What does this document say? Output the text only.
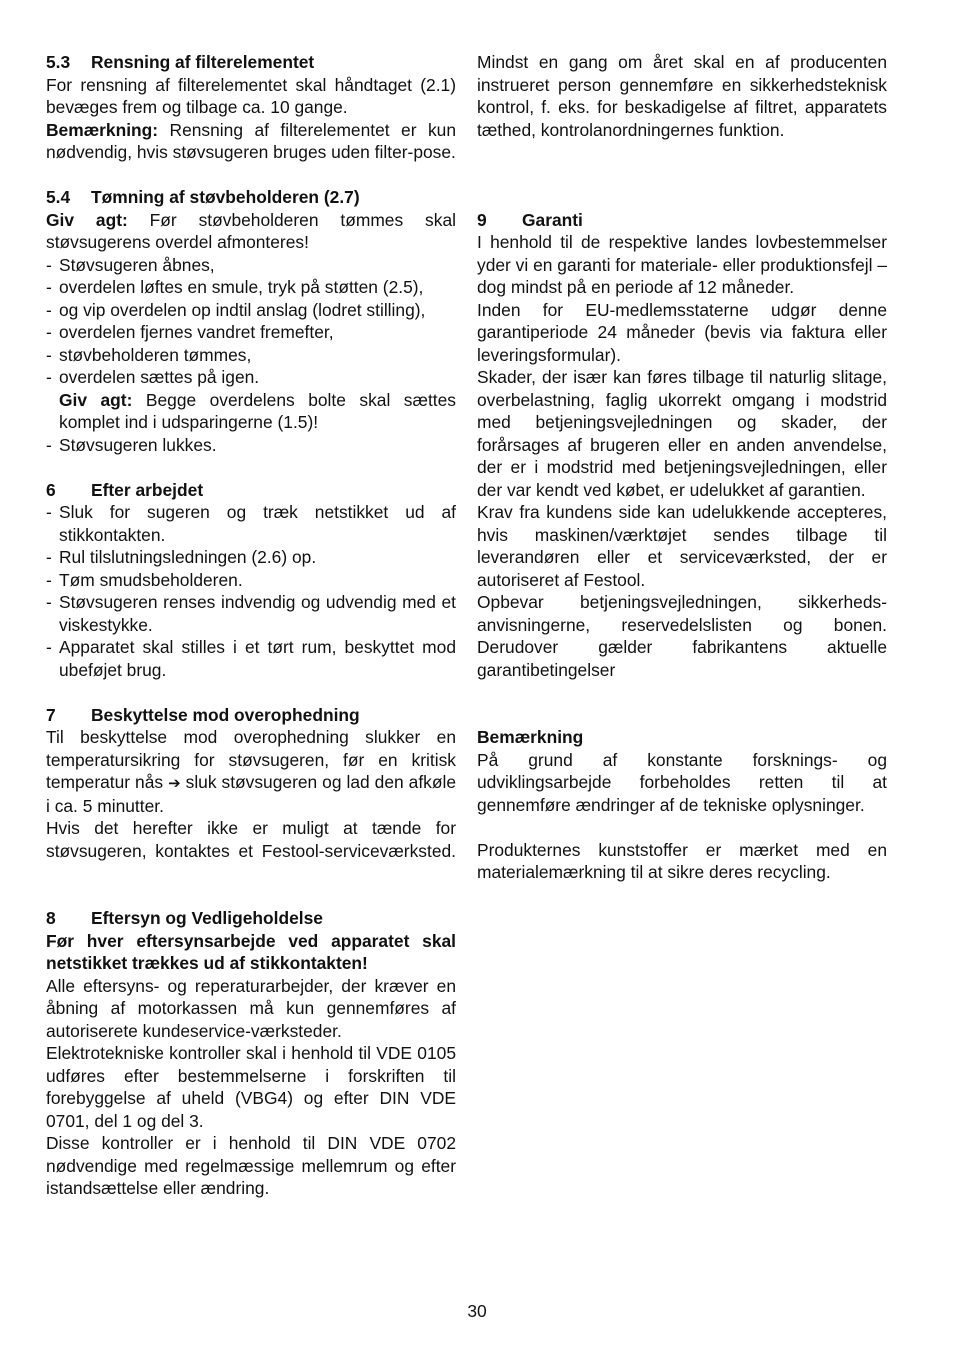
5.3	Rensning af filterelementet

For rensning af filterelementet skal håndtaget (2.1) bevæges frem og tilbage ca. 10 gange.

Bemærkning: Rensning af filterelementet er kun nødvendig, hvis støvsugeren bruges uden filter-pose.

5.4	Tømning af støvbeholderen (2.7)

Giv agt: Før støvbeholderen tømmes skal støvsugerens overdel afmonteres!

- Støvsugeren åbnes,
- overdelen løftes en smule, tryk på støtten (2.5),
- og vip overdelen op indtil anslag (lodret stilling),
- overdelen fjernes vandret fremefter,
- støvbeholderen tømmes,
- overdelen sættes på igen.

Giv agt: Begge overdelens bolte skal sættes komplet ind i udsparingerne (1.5)!

- Støvsugeren lukkes.
6	Efter arbejdet
- Sluk for sugeren og træk netstikket ud af stikkontakten.
- Rul tilslutningsledningen (2.6) op.
- Tøm smudsbeholderen.
- Støvsugeren renses indvendig og udvendig med et viskestykke.
- Apparatet skal stilles i et tørt rum, beskyttet mod ubeføjet brug.
7	Beskyttelse mod overophedning

Til beskyttelse mod overophedning slukker en temperatursikring for støvsugeren, før en kritisk temperatur nås ➔ sluk støvsugeren og lad den afkøle i ca. 5 minutter.

Hvis det herefter ikke er muligt at tænde for støvsugeren, kontaktes et Festool-serviceværksted.

8	Eftersyn og Vedligeholdelse

Før hver eftersynsarbejde ved apparatet skal netstikket trækkes ud af stikkontakten!

Alle eftersyns- og reperaturarbejder, der kræver en åbning af motorkassen må kun gennemføres af autoriserete kundeservice-værksteder.

Elektrotekniske kontroller skal i henhold til VDE 0105 udføres efter bestemmelserne i forskriften til forebyggelse af uheld (VBG4) og efter DIN VDE 0701, del 1 og del 3.

Disse kontroller er i henhold til DIN VDE 0702 nødvendige med regelmæssige mellemrum og efter istandsættelse eller ændring.

Mindst en gang om året skal en af producenten instrueret person gennemføre en sikkerhedsteknisk kontrol, f. eks. for beskadigelse af filtret, apparatets tæthed, kontrolanordningernes funktion.

9	Garanti

I henhold til de respektive landes lovbestemmelser yder vi en garanti for materiale- eller produktionsfejl – dog mindst på en periode af 12 måneder.

Inden for EU-medlemsstaterne udgør denne garantiperiode 24 måneder (bevis via faktura eller leveringsformular).

Skader, der især kan føres tilbage til naturlig slitage, overbelastning, faglig ukorrekt omgang i modstrid med betjeningsvejledningen og skader, der forårsages af brugeren eller en anden anvendelse, der er i modstrid med betjeningsvejledningen, eller der var kendt ved købet, er udelukket af garantien.

Krav fra kundens side kan udelukkende accepteres, hvis maskinen/værktøjet sendes tilbage til leverandøren eller et serviceværksted, der er autoriseret af Festool.

Opbevar betjeningsvejledningen, sikkerheds-anvisningerne, reservedelslisten og bonen. Derudover gælder fabrikantens aktuelle garantibetingelser

Bemærkning

På grund af konstante forsknings- og udviklingsarbejde forbeholdes retten til at gennemføre ændringer af de tekniske oplysninger.

Produkternes kunststoffer er mærket med en materialemærkning til at sikre deres recycling.

30
